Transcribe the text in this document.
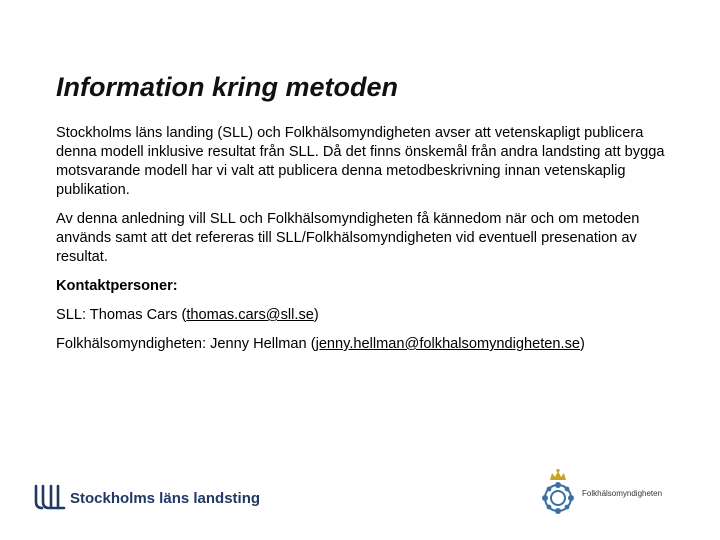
Information kring metoden

Stockholms läns landing (SLL) och Folkhälsomyndigheten avser att vetenskapligt publicera denna modell inklusive resultat från SLL. Då det finns önskemål från andra landsting att bygga motsvarande modell har vi valt att publicera denna metodbeskrivning innan vetenskaplig publikation.

Av denna anledning vill SLL och Folkhälsomyndigheten få kännedom när och om metoden används samt att det refereras till SLL/Folkhälsomyndigheten vid eventuell presenation av resultat.

Kontaktpersoner:

SLL: Thomas Cars (thomas.cars@sll.se)

Folkhälsomyndigheten: Jenny Hellman (jenny.hellman@folkhalsomyndigheten.se)

Stockholms läns landsting	Folkhälsomyndigheten
